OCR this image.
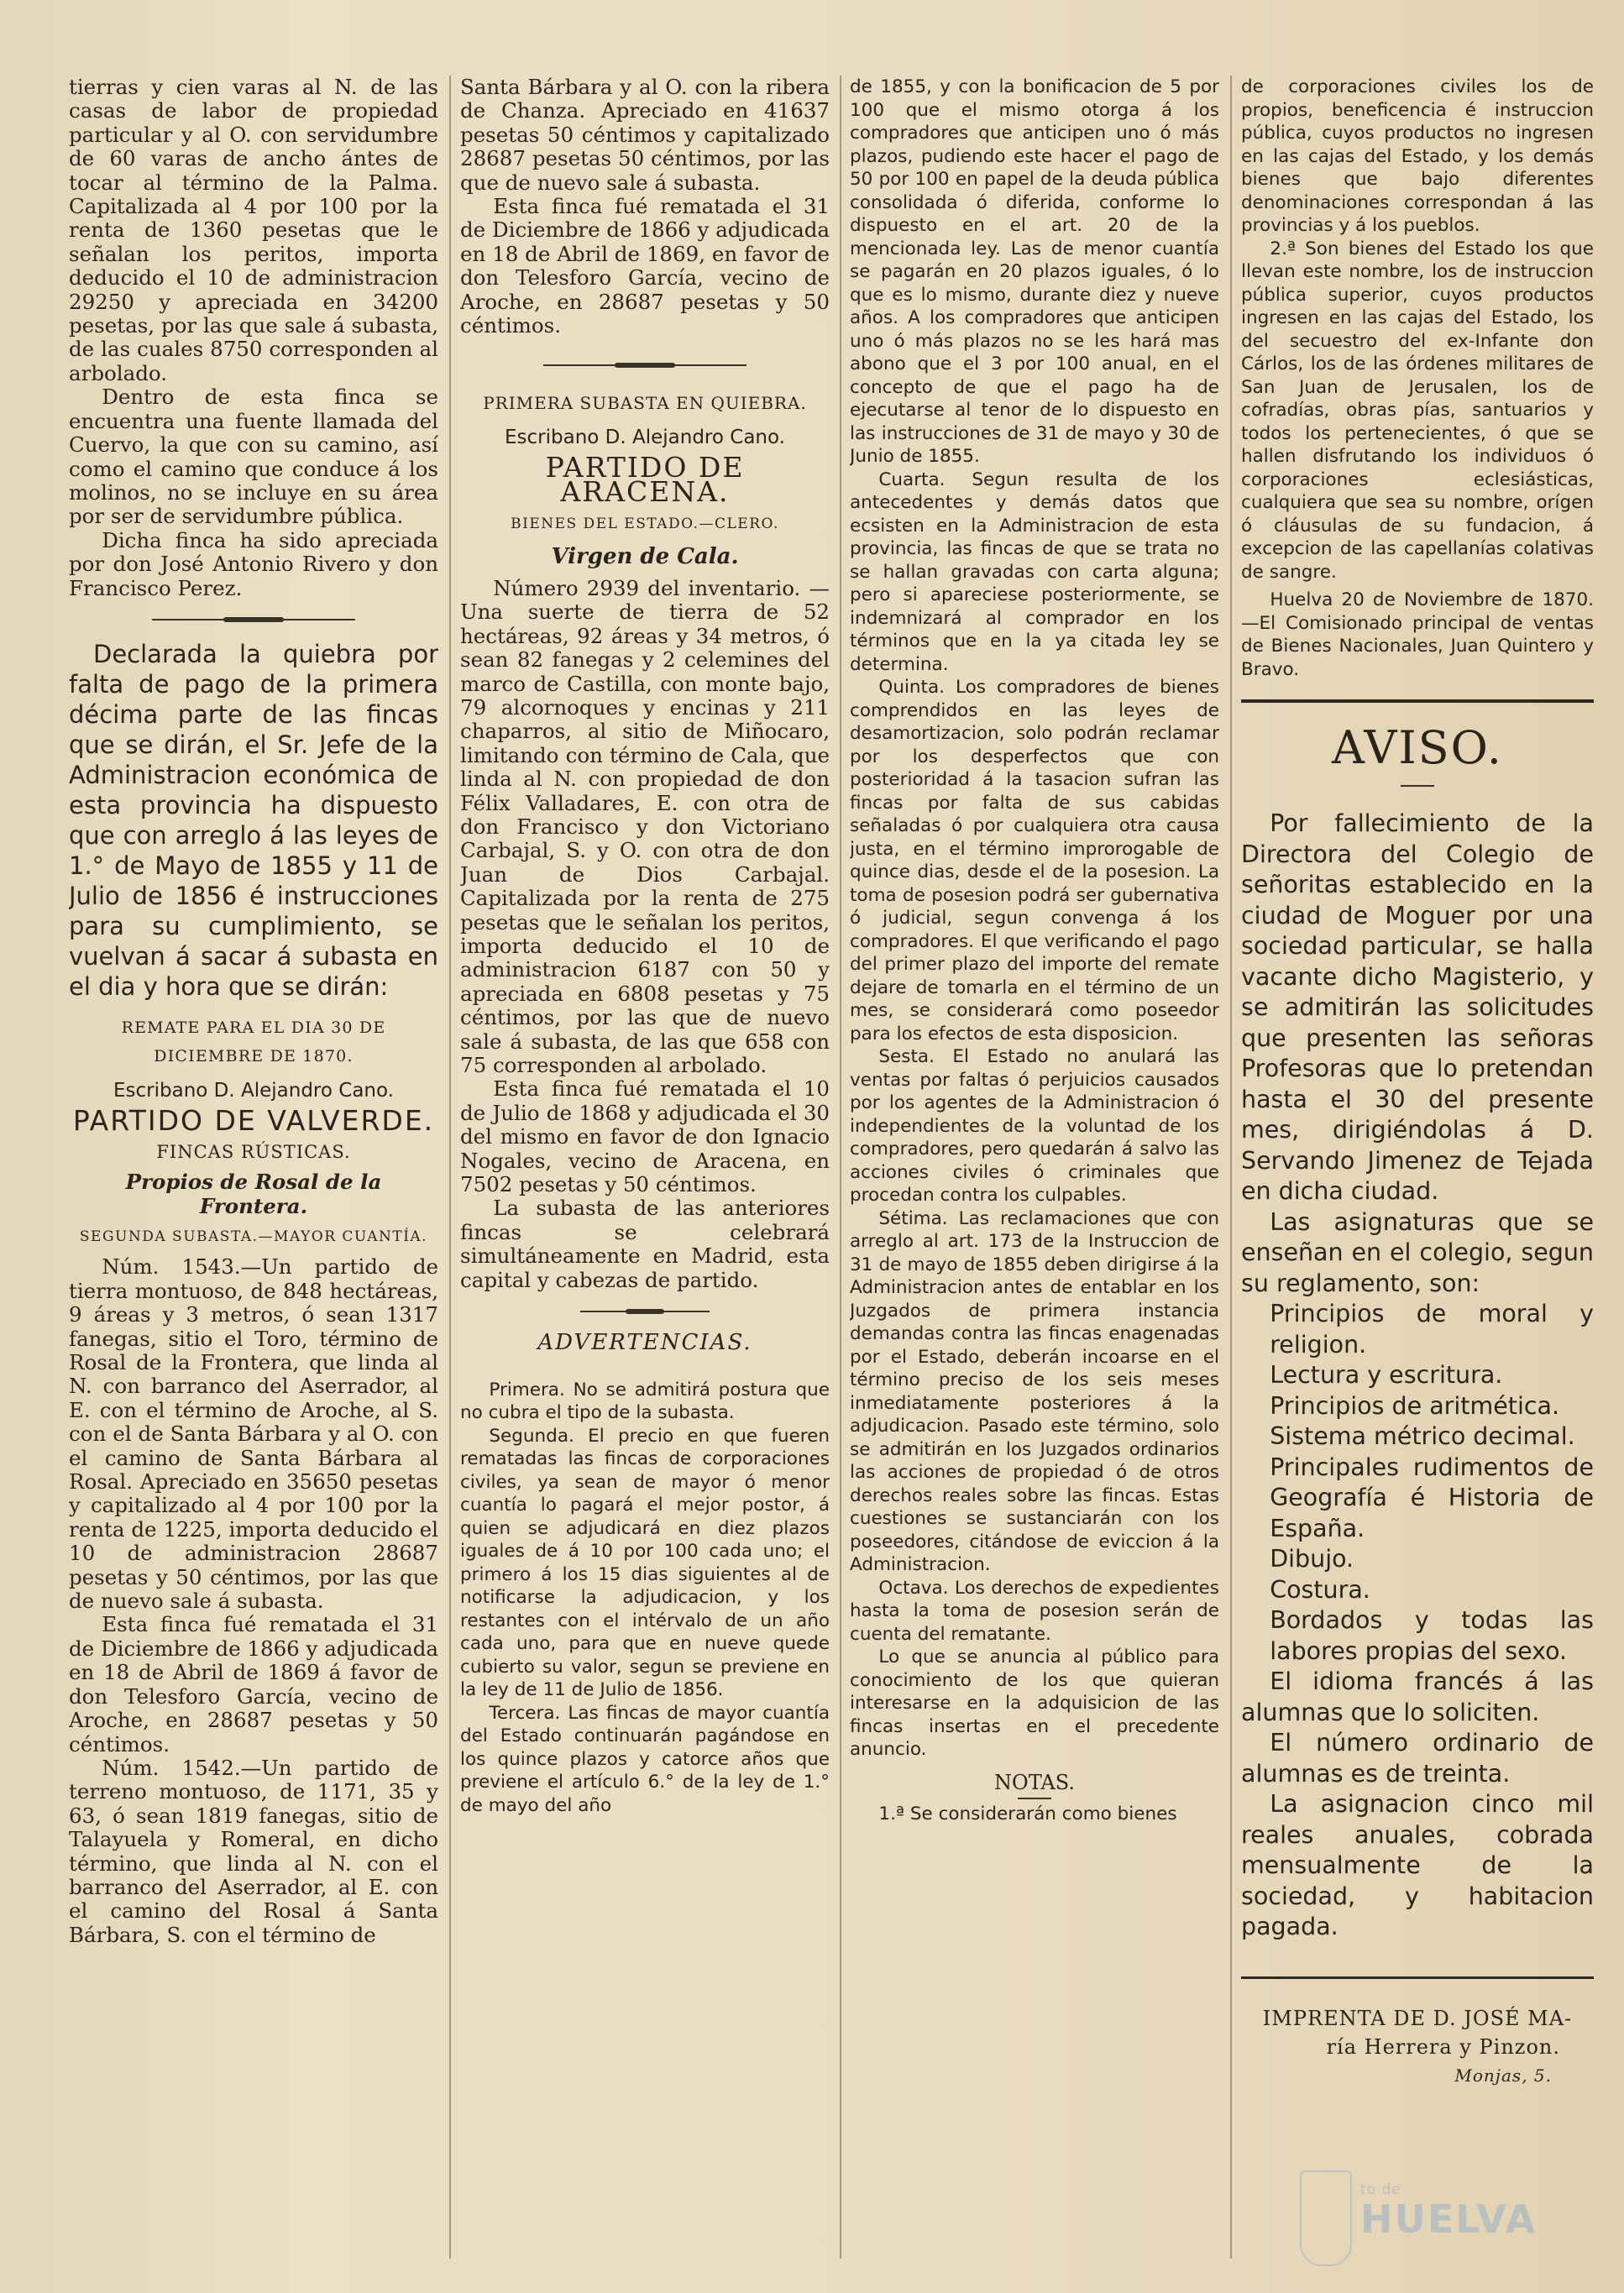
tierras y cien varas al N. de las casas de labor de propiedad particular y al O. con servidumbre de 60 varas de ancho ántes de tocar al término de la Palma. Capitalizada al 4 por 100 por la renta de 1360 pesetas que le señalan los peritos, importa deducido el 10 de administracion 29250 y apreciada en 34200 pesetas, por las que sale á subasta, de las cuales 8750 corresponden al arbolado.

Dentro de esta finca se encuentra una fuente llamada del Cuervo, la que con su camino, así como el camino que conduce á los molinos, no se incluye en su área por ser de servidumbre pública.

Dicha finca ha sido apreciada por don José Antonio Rivero y don Francisco Perez.

Declarada la quiebra por falta de pago de la primera décima parte de las fincas que se dirán, el Sr. Jefe de la Administracion económica de esta provincia ha dispuesto que con arreglo á las leyes de 1.° de Mayo de 1855 y 11 de Julio de 1856 é instrucciones para su cumplimiento, se vuelvan á sacar á subasta en el dia y hora que se dirán:

REMATE PARA EL DIA 30 DE DICIEMBRE DE 1870.

Escribano D. Alejandro Cano.

PARTIDO DE VALVERDE.

FINCAS RÚSTICAS.

Propios de Rosal de la Frontera.

SEGUNDA SUBASTA.—MAYOR CUANTÍA.

Núm. 1543.—Un partido de tierra montuoso, de 848 hectáreas, 9 áreas y 3 metros, ó sean 1317 fanegas, sitio el Toro, término de Rosal de la Frontera, que linda al N. con barranco del Aserrador, al E. con el término de Aroche, al S. con el de Santa Bárbara y al O. con el camino de Santa Bárbara al Rosal. Apreciado en 35650 pesetas y capitalizado al 4 por 100 por la renta de 1225, importa deducido el 10 de administracion 28687 pesetas y 50 céntimos, por las que de nuevo sale á subasta.

Esta finca fué rematada el 31 de Diciembre de 1866 y adjudicada en 18 de Abril de 1869 á favor de don Telesforo García, vecino de Aroche, en 28687 pesetas y 50 céntimos.

Núm. 1542.—Un partido de terreno montuoso, de 1171, 35 y 63, ó sean 1819 fanegas, sitio de Talayuela y Romeral, en dicho término, que linda al N. con el barranco del Aserrador, al E. con el camino del Rosal á Santa Bárbara, S. con el término de

Santa Bárbara y al O. con la ribera de Chanza. Apreciado en 41637 pesetas 50 céntimos y capitalizado 28687 pesetas 50 céntimos, por las que de nuevo sale á subasta.

Esta finca fué rematada el 31 de Diciembre de 1866 y adjudicada en 18 de Abril de 1869, en favor de don Telesforo García, vecino de Aroche, en 28687 pesetas y 50 céntimos.

PRIMERA SUBASTA EN QUIEBRA.

Escribano D. Alejandro Cano.

PARTIDO DE ARACENA.

BIENES DEL ESTADO.—CLERO.

Virgen de Cala.

Número 2939 del inventario. —Una suerte de tierra de 52 hectáreas, 92 áreas y 34 metros, ó sean 82 fanegas y 2 celemines del marco de Castilla, con monte bajo, 79 alcornoques y encinas y 211 chaparros, al sitio de Miñocaro, limitando con término de Cala, que linda al N. con propiedad de don Félix Valladares, E. con otra de don Francisco y don Victoriano Carbajal, S. y O. con otra de don Juan de Dios Carbajal. Capitalizada por la renta de 275 pesetas que le señalan los peritos, importa deducido el 10 de administracion 6187 con 50 y apreciada en 6808 pesetas y 75 céntimos, por las que de nuevo sale á subasta, de las que 658 con 75 corresponden al arbolado.

Esta finca fué rematada el 10 de Julio de 1868 y adjudicada el 30 del mismo en favor de don Ignacio Nogales, vecino de Aracena, en 7502 pesetas y 50 céntimos.

La subasta de las anteriores fincas se celebrará simultáneamente en Madrid, esta capital y cabezas de partido.

ADVERTENCIAS.

Primera. No se admitirá postura que no cubra el tipo de la subasta.

Segunda. El precio en que fueren rematadas las fincas de corporaciones civiles, ya sean de mayor ó menor cuantía lo pagará el mejor postor, á quien se adjudicará en diez plazos iguales de á 10 por 100 cada uno; el primero á los 15 dias siguientes al de notificarse la adjudicacion, y los restantes con el intérvalo de un año cada uno, para que en nueve quede cubierto su valor, segun se previene en la ley de 11 de Julio de 1856.

Tercera. Las fincas de mayor cuantía del Estado continuarán pagándose en los quince plazos y catorce años que previene el artículo 6.° de la ley de 1.° de mayo del año

de 1855, y con la bonificacion de 5 por 100 que el mismo otorga á los compradores que anticipen uno ó más plazos, pudiendo este hacer el pago de 50 por 100 en papel de la deuda pública consolidada ó diferida, conforme lo dispuesto en el art. 20 de la mencionada ley. Las de menor cuantía se pagarán en 20 plazos iguales, ó lo que es lo mismo, durante diez y nueve años. A los compradores que anticipen uno ó más plazos no se les hará mas abono que el 3 por 100 anual, en el concepto de que el pago ha de ejecutarse al tenor de lo dispuesto en las instrucciones de 31 de mayo y 30 de Junio de 1855.

Cuarta. Segun resulta de los antecedentes y demás datos que ecsisten en la Administracion de esta provincia, las fincas de que se trata no se hallan gravadas con carta alguna; pero si apareciese posteriormente, se indemnizará al comprador en los términos que en la ya citada ley se determina.

Quinta. Los compradores de bienes comprendidos en las leyes de desamortizacion, solo podrán reclamar por los desperfectos que con posterioridad á la tasacion sufran las fincas por falta de sus cabidas señaladas ó por cualquiera otra causa justa, en el término improrogable de quince dias, desde el de la posesion. La toma de posesion podrá ser gubernativa ó judicial, segun convenga á los compradores. El que verificando el pago del primer plazo del importe del remate dejare de tomarla en el término de un mes, se considerará como poseedor para los efectos de esta disposicion.

Sesta. El Estado no anulará las ventas por faltas ó perjuicios causados por los agentes de la Administracion ó independientes de la voluntad de los compradores, pero quedarán á salvo las acciones civiles ó criminales que procedan contra los culpables.

Sétima. Las reclamaciones que con arreglo al art. 173 de la Instruccion de 31 de mayo de 1855 deben dirigirse á la Administracion antes de entablar en los Juzgados de primera instancia demandas contra las fincas enagenadas por el Estado, deberán incoarse en el término preciso de los seis meses inmediatamente posteriores á la adjudicacion. Pasado este término, solo se admitirán en los Juzgados ordinarios las acciones de propiedad ó de otros derechos reales sobre las fincas. Estas cuestiones se sustanciarán con los poseedores, citándose de eviccion á la Administracion.

Octava. Los derechos de expedientes hasta la toma de posesion serán de cuenta del rematante.

Lo que se anuncia al público para conocimiento de los que quieran interesarse en la adquisicion de las fincas insertas en el precedente anuncio.

NOTAS.

1.ª Se considerarán como bienes

de corporaciones civiles los de propios, beneficencia é instruccion pública, cuyos productos no ingresen en las cajas del Estado, y los demás bienes que bajo diferentes denominaciones correspondan á las provincias y á los pueblos.

2.ª Son bienes del Estado los que llevan este nombre, los de instruccion pública superior, cuyos productos ingresen en las cajas del Estado, los del secuestro del ex-Infante don Cárlos, los de las órdenes militares de San Juan de Jerusalen, los de cofradías, obras pías, santuarios y todos los pertenecientes, ó que se hallen disfrutando los individuos ó corporaciones eclesiásticas, cualquiera que sea su nombre, orígen ó cláusulas de su fundacion, á excepcion de las capellanías colativas de sangre.

Huelva 20 de Noviembre de 1870. —El Comisionado principal de ventas de Bienes Nacionales, Juan Quintero y Bravo.

AVISO.

Por fallecimiento de la Directora del Colegio de señoritas establecido en la ciudad de Moguer por una sociedad particular, se halla vacante dicho Magisterio, y se admitirán las solicitudes que presenten las señoras Profesoras que lo pretendan hasta el 30 del presente mes, dirigiéndolas á D. Servando Jimenez de Tejada en dicha ciudad.

Las asignaturas que se enseñan en el colegio, segun su reglamento, son:

Principios de moral y religion.

Lectura y escritura.

Principios de aritmética.

Sistema métrico decimal.

Principales rudimentos de Geografía é Historia de España.

Dibujo.

Costura.

Bordados y todas las labores propias del sexo.

El idioma francés á las alumnas que lo soliciten.

El número ordinario de alumnas es de treinta.

La asignacion cinco mil reales anuales, cobrada mensualmente de la sociedad, y habitacion pagada.

IMPRENTA DE D. JOSÉ MA-

ría Herrera y Pinzon.

Monjas, 5.

to de
HUELVA
